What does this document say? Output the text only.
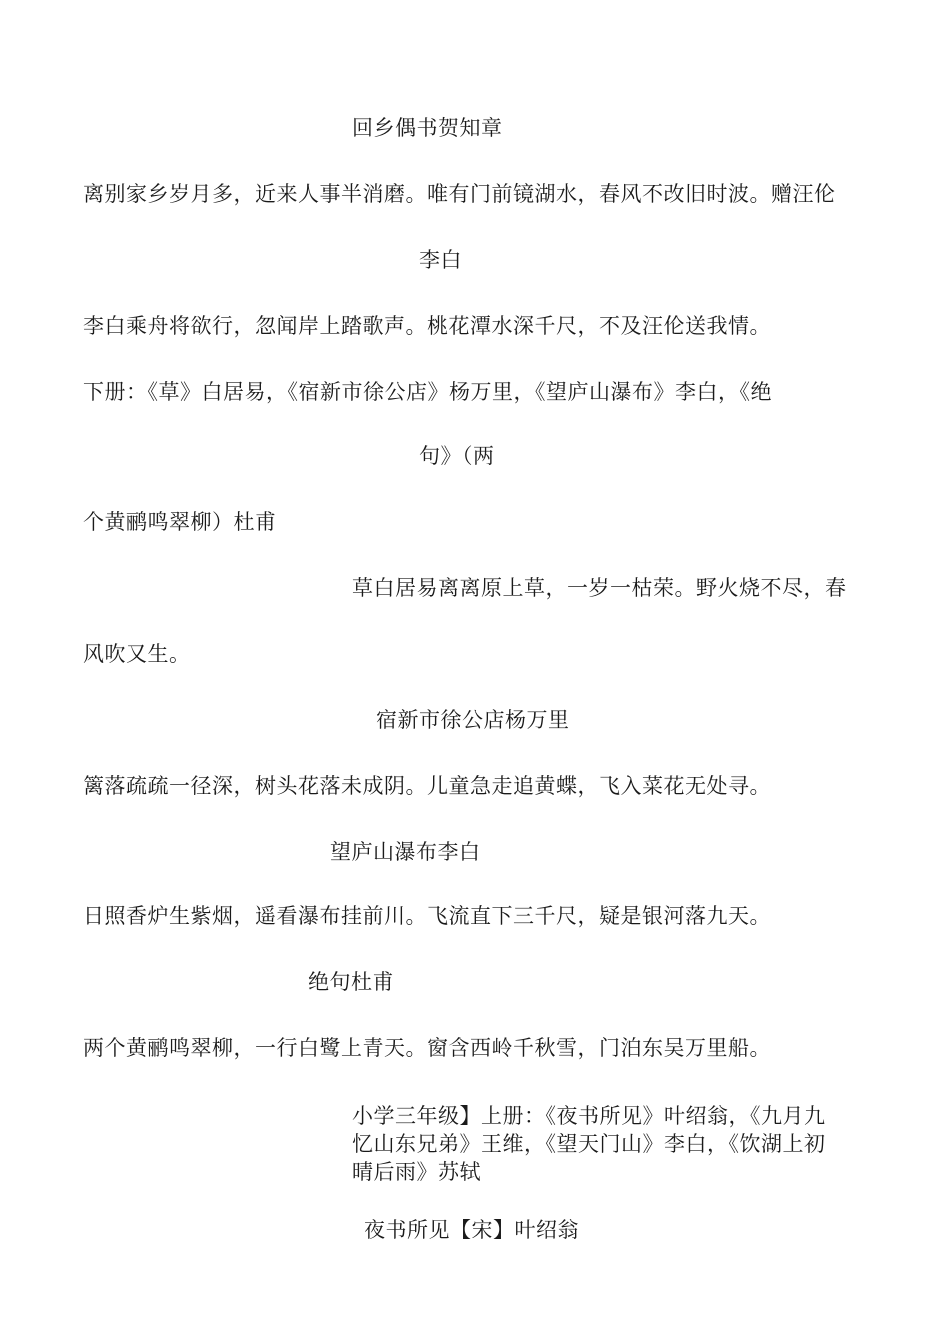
回乡偶书贺知章
离别家乡岁月多，近来人事半消磨。唯有门前镜湖水，春风不改旧时波。赠汪伦
李白
李白乘舟将欲行，忽闻岸上踏歌声。桃花潭水深千尺，不及汪伦送我情。
下册：《草》白居易，《宿新市徐公店》杨万里，《望庐山瀑布》李白，《绝
句》（两
个黄鹂鸣翠柳）杜甫
草白居易离离原上草，一岁一枯荣。野火烧不尽，春
风吹又生。
宿新市徐公店杨万里
篱落疏疏一径深，树头花落未成阴。儿童急走追黄蝶，飞入菜花无处寻。
望庐山瀑布李白
日照香炉生紫烟，遥看瀑布挂前川。飞流直下三千尺，疑是银河落九天。
绝句杜甫
两个黄鹂鸣翠柳，一行白鹭上青天。窗含西岭千秋雪，门泊东吴万里船。
小学三年级】上册：《夜书所见》叶绍翁，《九月九
忆山东兄弟》王维，《望天门山》李白，《饮湖上初
晴后雨》苏轼
夜书所见【宋】叶绍翁
